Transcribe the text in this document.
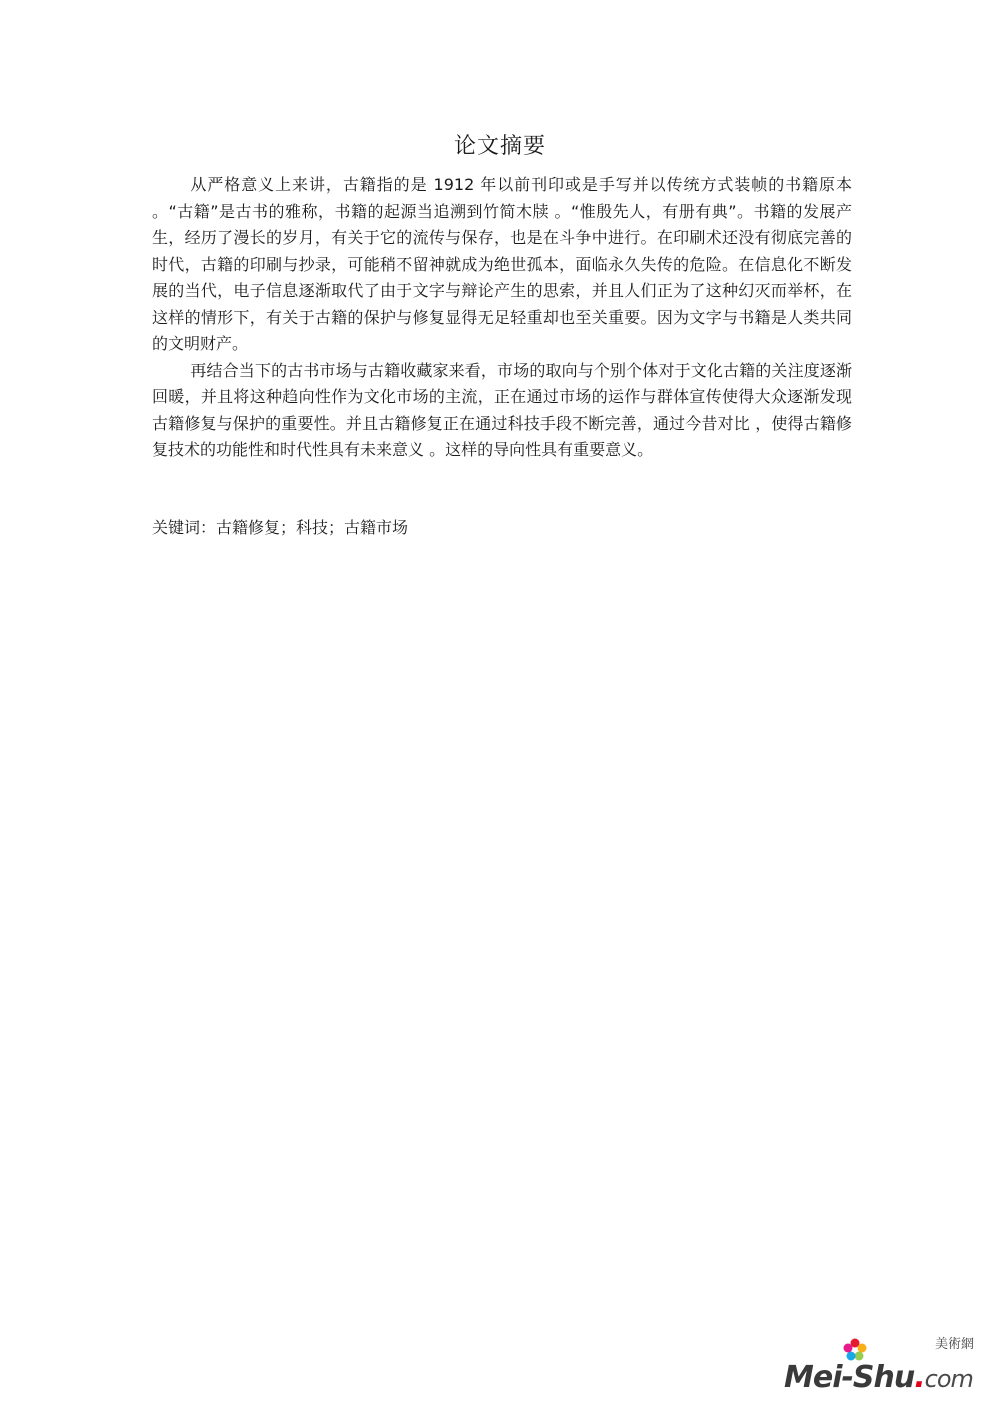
论文摘要

从严格意义上来讲，古籍指的是 1912 年以前刊印或是手写并以传统方式装帧的书籍原本 。“古籍”是古书的雅称，书籍的起源当追溯到竹简木牍 。“惟殷先人，有册有典”。书籍的发展产生，经历了漫长的岁月，有关于它的流传与保存，也是在斗争中进行。在印刷术还没有彻底完善的时代，古籍的印刷与抄录，可能稍不留神就成为绝世孤本，面临永久失传的危险。在信息化不断发展的当代，电子信息逐渐取代了由于文字与辩论产生的思索，并且人们正为了这种幻灭而举杯，在这样的情形下，有关于古籍的保护与修复显得无足轻重却也至关重要。因为文字与书籍是人类共同的文明财产。

再结合当下的古书市场与古籍收藏家来看，市场的取向与个别个体对于文化古籍的关注度逐渐回暖，并且将这种趋向性作为文化市场的主流，正在通过市场的运作与群体宣传使得大众逐渐发现古籍修复与保护的重要性。并且古籍修复正在通过科技手段不断完善，通过今昔对比 ，使得古籍修复技术的功能性和时代性具有未来意义 。这样的导向性具有重要意义。

关键词：古籍修复；科技；古籍市场
美術網
Mei-Shu.com
